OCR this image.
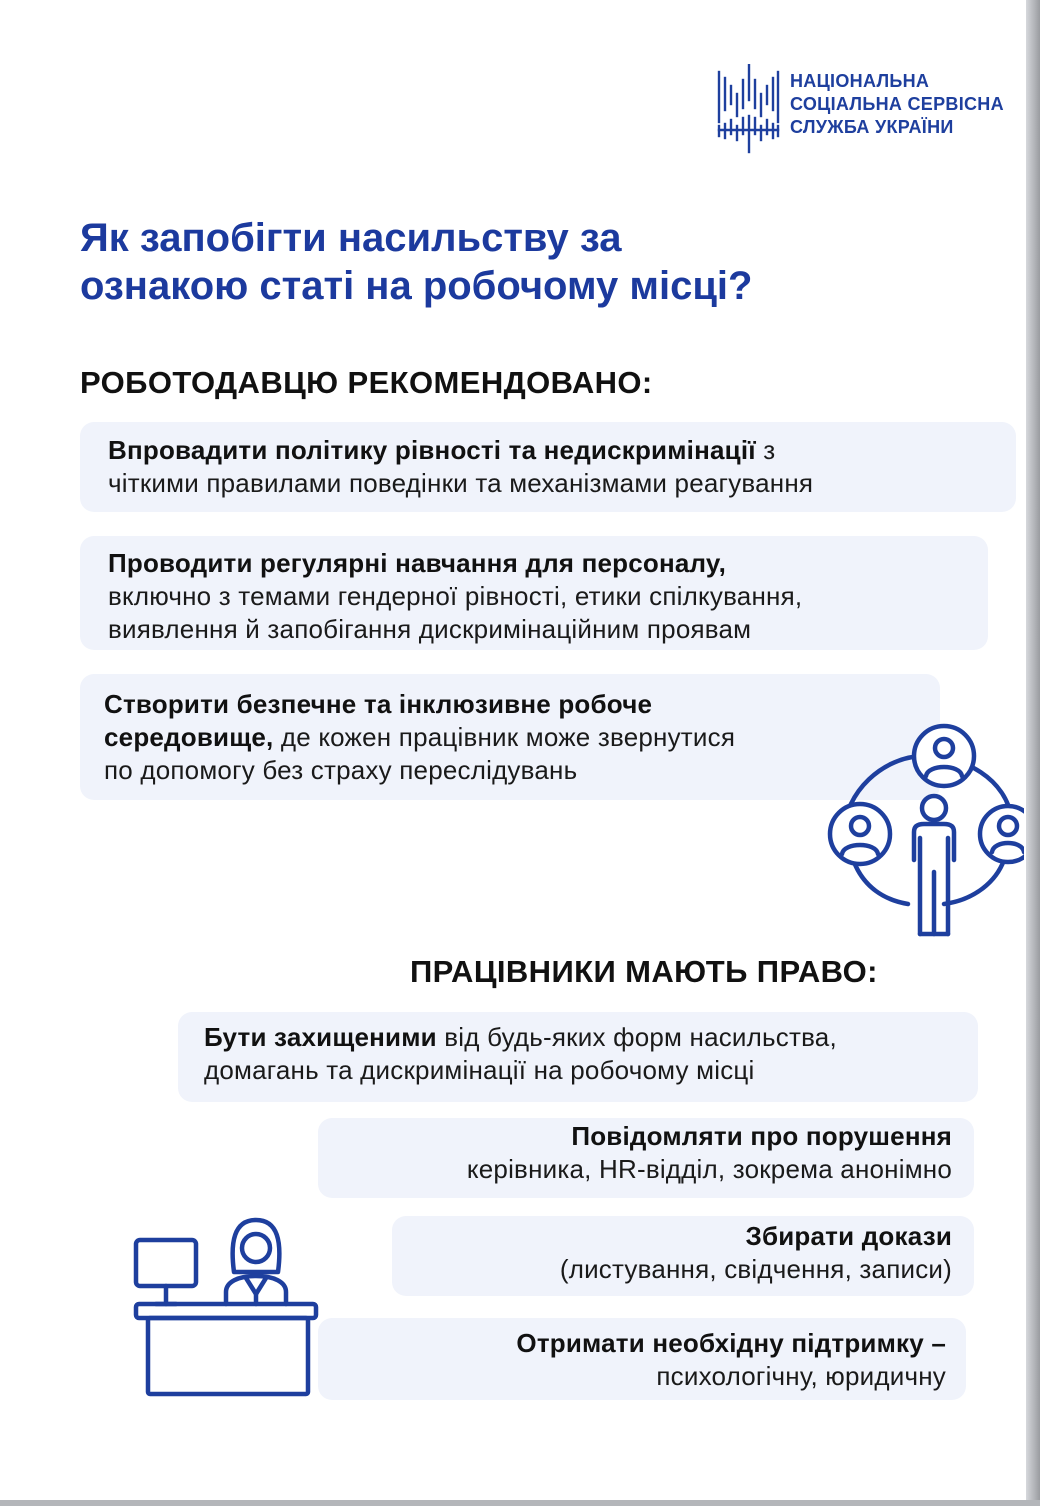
НАЦІОНАЛЬНА
СОЦІАЛЬНА СЕРВІСНА
СЛУЖБА УКРАЇНИ
Як запобігти насильству за
ознакою статі на робочому місці?
РОБОТОДАВЦЮ РЕКОМЕНДОВАНО:
Впровадити політику рівності та недискримінації з
чіткими правилами поведінки та механізмами реагування
Проводити регулярні навчання для персоналу,
включно з темами гендерної рівності, етики спілкування,
виявлення й запобігання дискримінаційним проявам
Створити безпечне та інклюзивне робоче
середовище, де кожен працівник може звернутися
по допомогу без страху переслідувань
ПРАЦІВНИКИ МАЮТЬ ПРАВО:
Бути захищеними від будь-яких форм насильства,
домагань та дискримінації на робочому місці
Повідомляти про порушення
керівника, HR-відділ, зокрема анонімно
Збирати докази
(листування, свідчення, записи)
Отримати необхідну підтримку –
психологічну, юридичну
